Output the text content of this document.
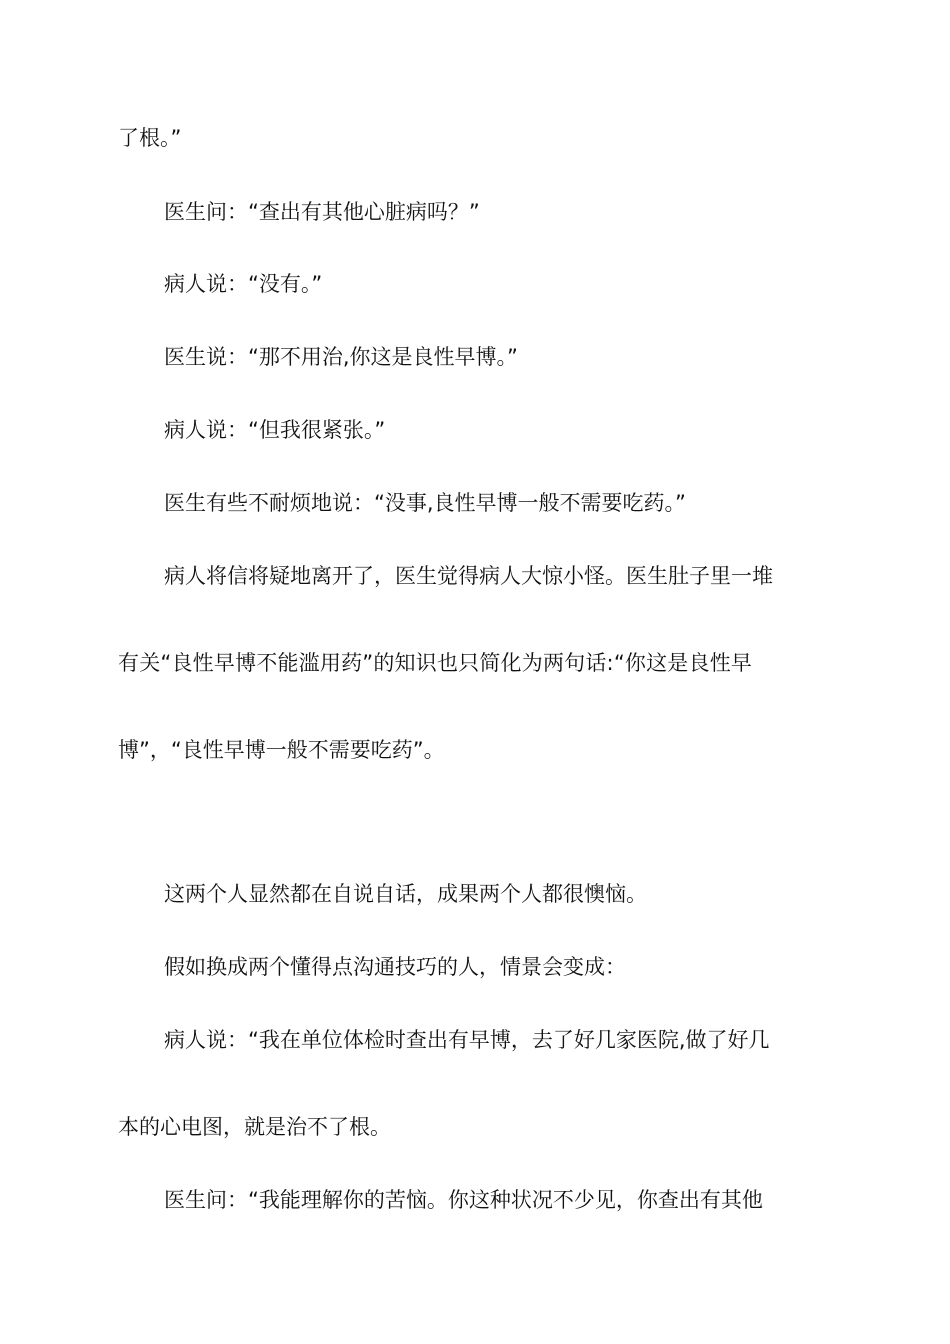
了根。”
医生问：“查出有其他心脏病吗？”
病人说：“没有。”
医生说：“那不用治,你这是良性早博。”
病人说：“但我很紧张。”
医生有些不耐烦地说：“没事,良性早博一般不需要吃药。”
病人将信将疑地离开了，医生觉得病人大惊小怪。医生肚子里一堆
有关“良性早博不能滥用药”的知识也只简化为两句话:“你这是良性早
博”，“良性早博一般不需要吃药”。
这两个人显然都在自说自话，成果两个人都很懊恼。
假如换成两个懂得点沟通技巧的人，情景会变成：
病人说：“我在单位体检时查出有早博，去了好几家医院,做了好几
本的心电图，就是治不了根。
医生问：“我能理解你的苦恼。你这种状况不少见，你查出有其他
